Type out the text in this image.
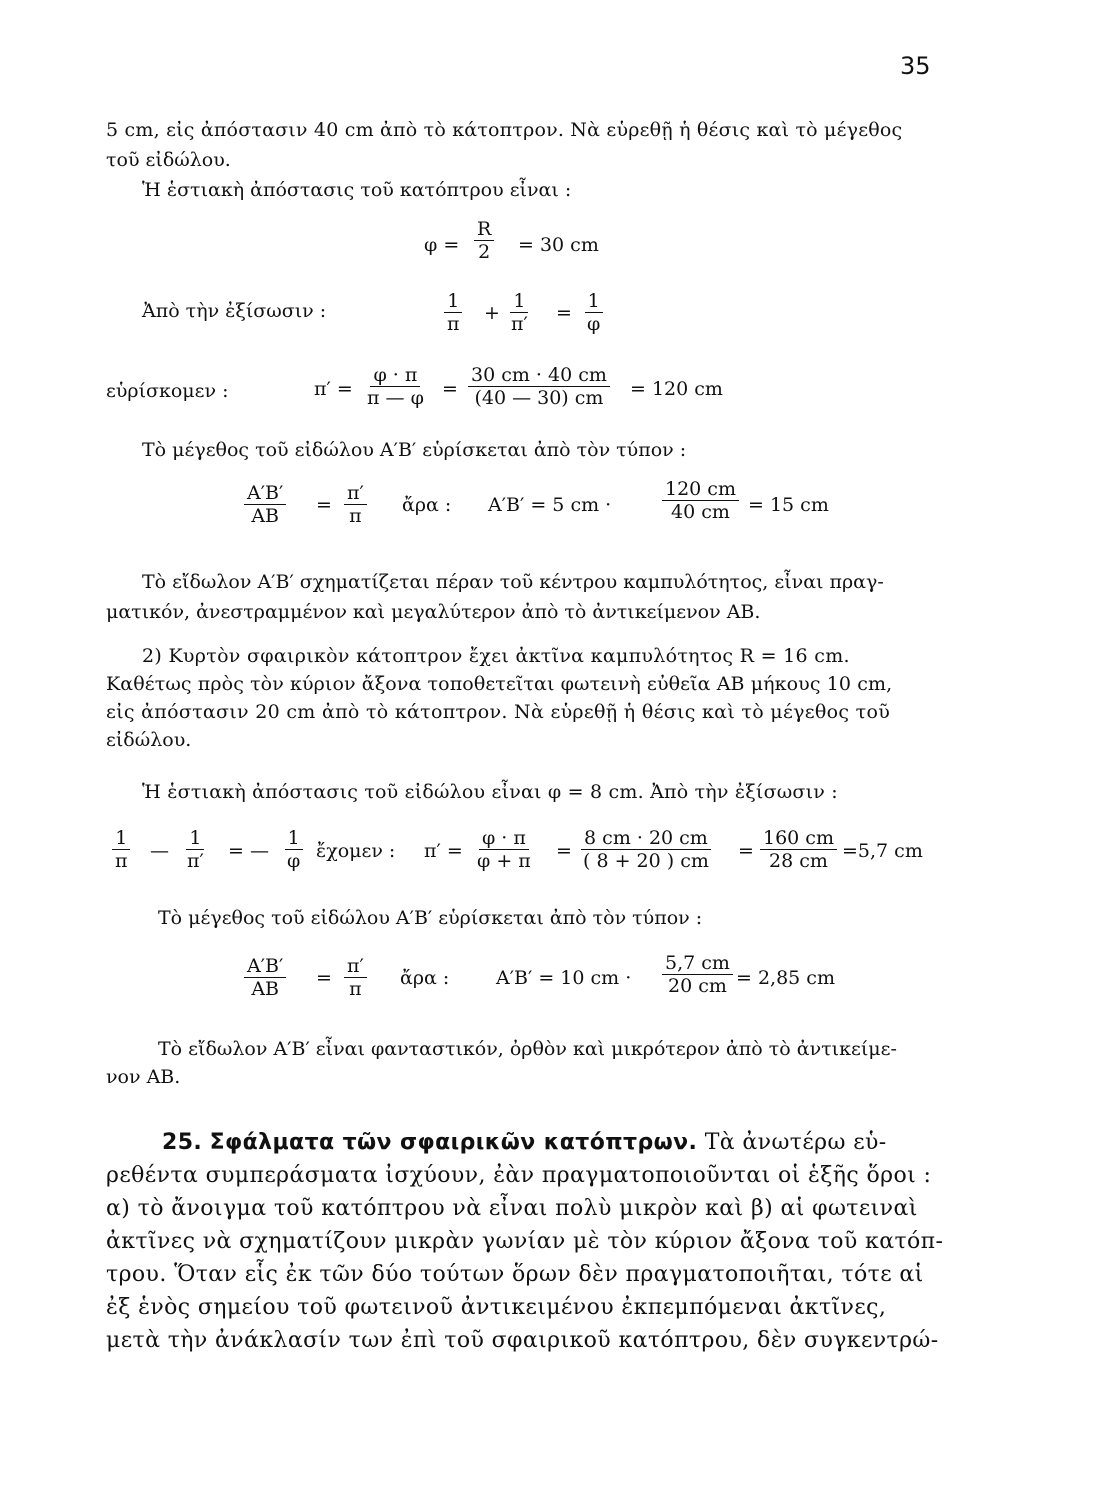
35
5 cm, εἰς ἀπόστασιν 40 cm ἀπὸ τὸ κάτοπτρον. Νὰ εὑρεθῇ ἡ θέσις καὶ τὸ μέγεθος
τοῦ εἰδώλου.
Ἡ ἑστιακὴ ἀπόστασις τοῦ κατόπτρου εἶναι :
$\varphi = \frac{R}{2} = 30$ cm
Ἀπὸ τὴν ἐξίσωσιν :	$\frac{1}{\pi} + \frac{1}{\pi'} = \frac{1}{\varphi}$
εὑρίσκομεν :	$\pi' = \frac{\varphi \cdot \pi}{\pi — \varphi} = \frac{30 cm \cdot 40 cm}{(40 — 30) cm} = 120$ cm
Τὸ μέγεθος τοῦ εἰδώλου Α′Β′ εὑρίσκεται ἀπὸ τὸν τύπον :
$\frac{A'B'}{AB} = \frac{\pi'}{\pi}$ ἄρα : Α′Β′ = 5 cm ·	$\frac{120 cm}{40 cm} = 15$ cm
Τὸ εἴδωλον Α′Β′ σχηματίζεται πέραν τοῦ κέντρου καμπυλότητος, εἶναι πραγ-
ματικόν, ἀνεστραμμένον καὶ μεγαλύτερον ἀπὸ τὸ ἀντικείμενον ΑΒ.
2) Κυρτὸν σφαιρικὸν κάτοπτρον ἔχει ἀκτῖνα καμπυλότητος R = 16 cm.
Καθέτως πρὸς τὸν κύριον ἄξονα τοποθετεῖται φωτεινὴ εὐθεῖα ΑΒ μήκους 10 cm,
εἰς ἀπόστασιν 20 cm ἀπὸ τὸ κάτοπτρον. Νὰ εὑρεθῇ ἡ θέσις καὶ τὸ μέγεθος τοῦ
εἰδώλου.
Ἡ ἑστιακὴ ἀπόστασις τοῦ εἰδώλου εἶναι φ = 8 cm. Ἀπὸ τὴν ἐξίσωσιν :
$\frac{1}{\pi}$ — $\frac{1}{\pi'}$ = — $\frac{1}{\varphi}$ ἔχομεν : $\pi' = \frac{\varphi \cdot \pi}{\varphi + \pi} = \frac{8 cm \cdot 20 cm}{( 8 + 20 ) cm} = \frac{160 cm}{28 cm} =5,7$ cm
Τὸ μέγεθος τοῦ εἰδώλου Α′Β′ εὑρίσκεται ἀπὸ τὸν τύπον :
$\frac{A'B'}{AB} = \frac{\pi'}{\pi}$ ἄρα : Α′Β′ = 10 cm · $\frac{5,7 cm}{20 cm} = 2,85$ cm
Τὸ εἴδωλον Α′Β′ εἶναι φανταστικόν, ὀρθὸν καὶ μικρότερον ἀπὸ τὸ ἀντικείμε-
νον ΑΒ.
25. Σφάλματα τῶν σφαιρικῶν κατόπτρων. Τὰ ἀνωτέρω εὑ-
ρεθέντα συμπεράσματα ἰσχύουν, ἐὰν πραγματοποιοῦνται οἱ ἑξῆς ὅροι :
α) τὸ ἄνοιγμα τοῦ κατόπτρου νὰ εἶναι πολὺ μικρὸν καὶ β) αἱ φωτειναὶ
ἀκτῖνες νὰ σχηματίζουν μικρὰν γωνίαν μὲ τὸν κύριον ἄξονα τοῦ κατόπ-
τρου. Ὅταν εἷς ἐκ τῶν δύο τούτων ὅρων δὲν πραγματοποιῆται, τότε αἱ
ἐξ ἑνὸς σημείου τοῦ φωτεινοῦ ἀντικειμένου ἐκπεμπόμεναι ἀκτῖνες,
μετὰ τὴν ἀνάκλασίν των ἐπὶ τοῦ σφαιρικοῦ κατόπτρου, δὲν συγκεντρώ-
